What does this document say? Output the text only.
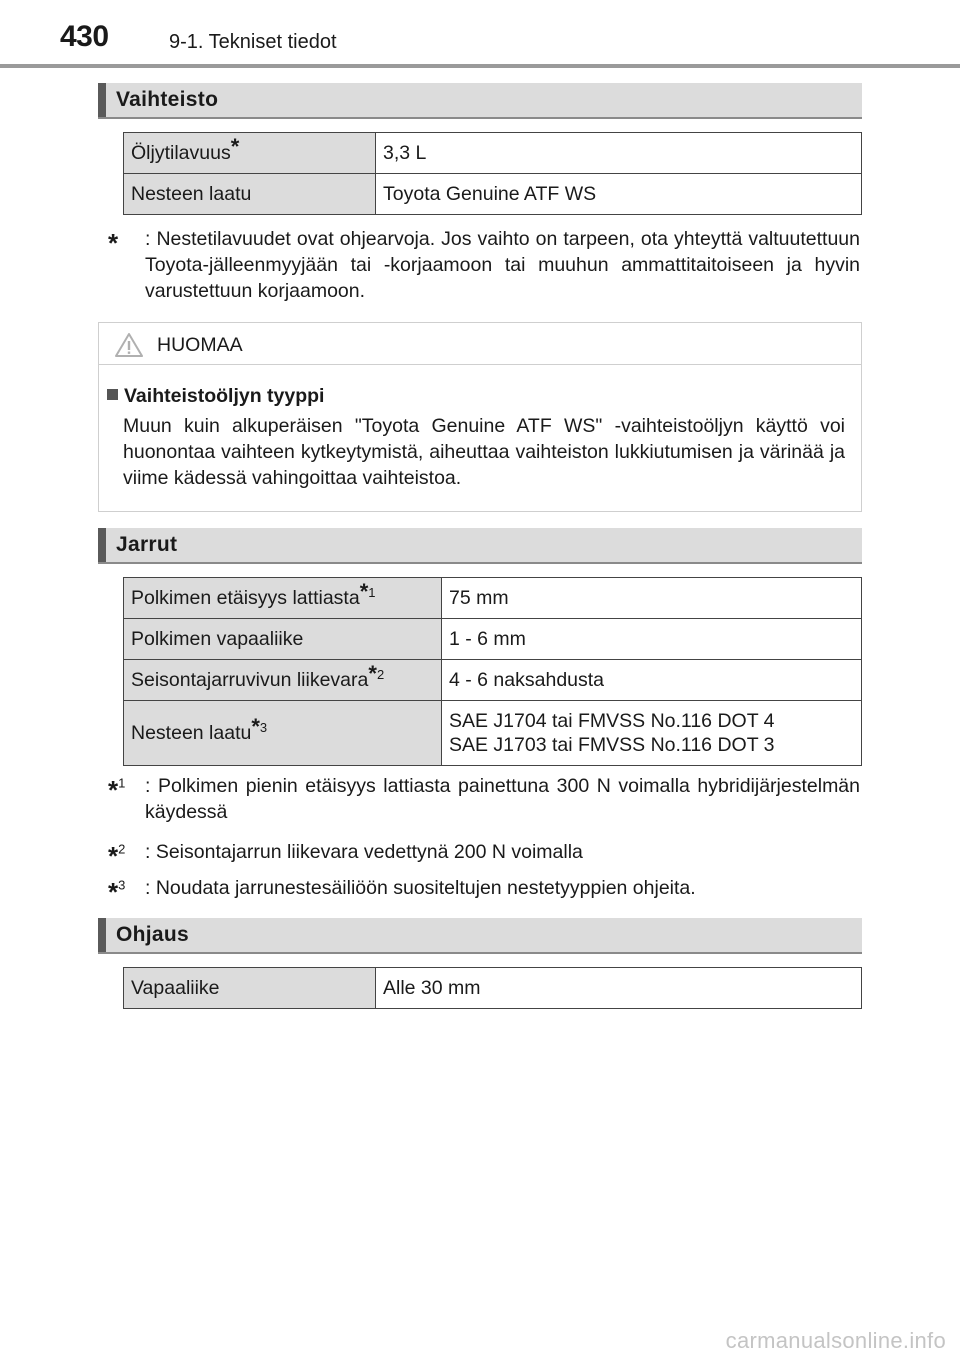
430	9-1. Tekniset tiedot
Vaihteisto
Öljytilavuus*	3,3 L
Nesteen laatu	Toyota Genuine ATF WS
*	: Nestetilavuudet ovat ohjearvoja. Jos vaihto on tarpeen, ota yhteyttä valtuutettuun Toyota-jälleenmyyjään tai -korjaamoon tai muuhun ammattitaitoiseen ja hyvin varustettuun korjaamoon.
HUOMAA
Vaihteistoöljyn tyyppi
Muun kuin alkuperäisen "Toyota Genuine ATF WS" -vaihteistoöljyn käyttö voi huonontaa vaihteen kytkeytymistä, aiheuttaa vaihteiston lukkiutumisen ja värinää ja viime kädessä vahingoittaa vaihteistoa.
Jarrut
Polkimen etäisyys lattiasta$^{*1}$	75 mm
Polkimen vapaaliike	1 - 6 mm
Seisontajarruvivun liikevara$^{*2}$	4 - 6 naksahdusta
Nesteen laatu$^{*3}$	SAE J1704 tai FMVSS No.116 DOT 4
SAE J1703 tai FMVSS No.116 DOT 3
*$^1$	: Polkimen pienin etäisyys lattiasta painettuna 300 N voimalla hybridijärjestelmän käydessä
*$^2$	: Seisontajarrun liikevara vedettynä 200 N voimalla
*$^3$	: Noudata jarrunestesäiliöön suositeltujen nestetyyppien ohjeita.
Ohjaus
Vapaaliike	Alle 30 mm
carmanualsonline.info
